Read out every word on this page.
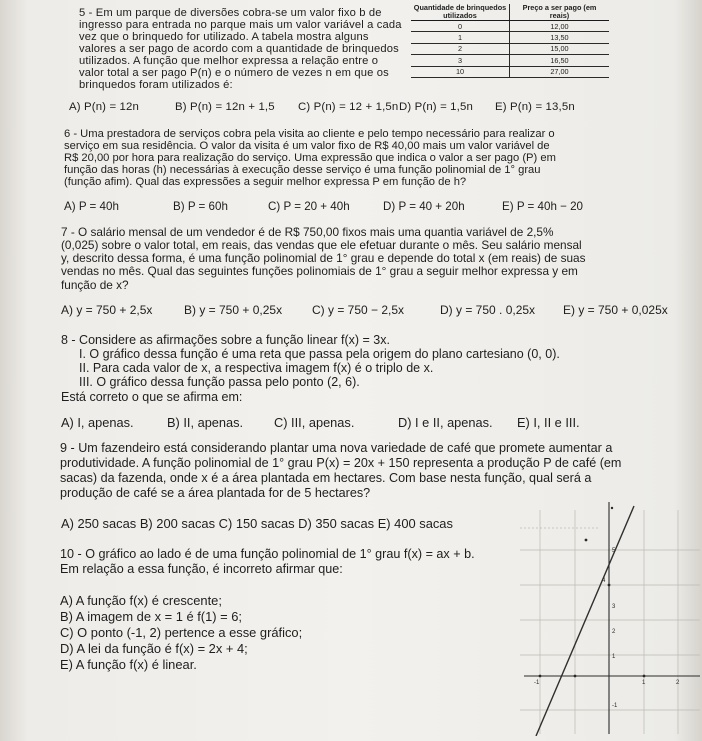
5 - Em um parque de diversões cobra-se um valor fixo b de
ingresso para entrada no parque mais um valor variável a cada
vez que o brinquedo for utilizado. A tabela mostra alguns
valores a ser pago de acordo com a quantidade de brinquedos
utilizados. A função que melhor expressa a relação entre o
valor total a ser pago P(n) e o número de vezes n em que os
brinquedos foram utilizados é:
Quantidade de brinquedos utilizados	Preço a ser pago (em reais)
0	12,00
1	13,50
2	15,00
3	16,50
10	27,00
A) P(n) = 12n	B) P(n) = 12n + 1,5 C) P(n) = 12 + 1,5n D) P(n) = 1,5n E) P(n) = 13,5n
6 - Uma prestadora de serviços cobra pela visita ao cliente e pelo tempo necessário para realizar o
serviço em sua residência. O valor da visita é um valor fixo de R$ 40,00 mais um valor variável de
R$ 20,00 por hora para realização do serviço. Uma expressão que indica o valor a ser pago (P) em
função das horas (h) necessárias à execução desse serviço é uma função polinomial de 1° grau
(função afim). Qual das expressões a seguir melhor expressa P em função de h?
A) P = 40h	B) P = 60h	C) P = 20 + 40h	D) P = 40 + 20h	E) P = 40h − 20
7 - O salário mensal de um vendedor é de R$ 750,00 fixos mais uma quantia variável de 2,5%
(0,025) sobre o valor total, em reais, das vendas que ele efetuar durante o mês. Seu salário mensal
y, descrito dessa forma, é uma função polinomial de 1° grau e depende do total x (em reais) de suas
vendas no mês. Qual das seguintes funções polinomiais de 1° grau a seguir melhor expressa y em
função de x?
A) y = 750 + 2,5x	B) y = 750 + 0,25x C) y = 750 − 2,5x	D) y = 750 . 0,25x E) y = 750 + 0,025x
8 - Considere as afirmações sobre a função linear f(x) = 3x.
I. O gráfico dessa função é uma reta que passa pela origem do plano cartesiano (0, 0).
II. Para cada valor de x, a respectiva imagem f(x) é o triplo de x.
III. O gráfico dessa função passa pelo ponto (2, 6).
Está correto o que se afirma em:
A) I, apenas.	B) II, apenas. C) III, apenas.	D) I e II, apenas. E) I, II e III.
9 - Um fazendeiro está considerando plantar uma nova variedade de café que promete aumentar a
produtividade. A função polinomial de 1° grau P(x) = 20x + 150 representa a produção P de café (em
sacas) da fazenda, onde x é a área plantada em hectares. Com base nesta função, qual será a
produção de café se a área plantada for de 5 hectares?
A) 250 sacas B) 200 sacas C) 150 sacas D) 350 sacas E) 400 sacas
10 - O gráfico ao lado é de uma função polinomial de 1° grau f(x) = ax + b.
Em relação a essa função, é incorreto afirmar que:
A) A função f(x) é crescente;
B) A imagem de x = 1 é f(1) = 6;
C) O ponto (-1, 2) pertence a esse gráfico;
D) A lei da função é f(x) = 2x + 4;
E) A função f(x) é linear.
-1	1	2
5
4
3
2
1
-1
